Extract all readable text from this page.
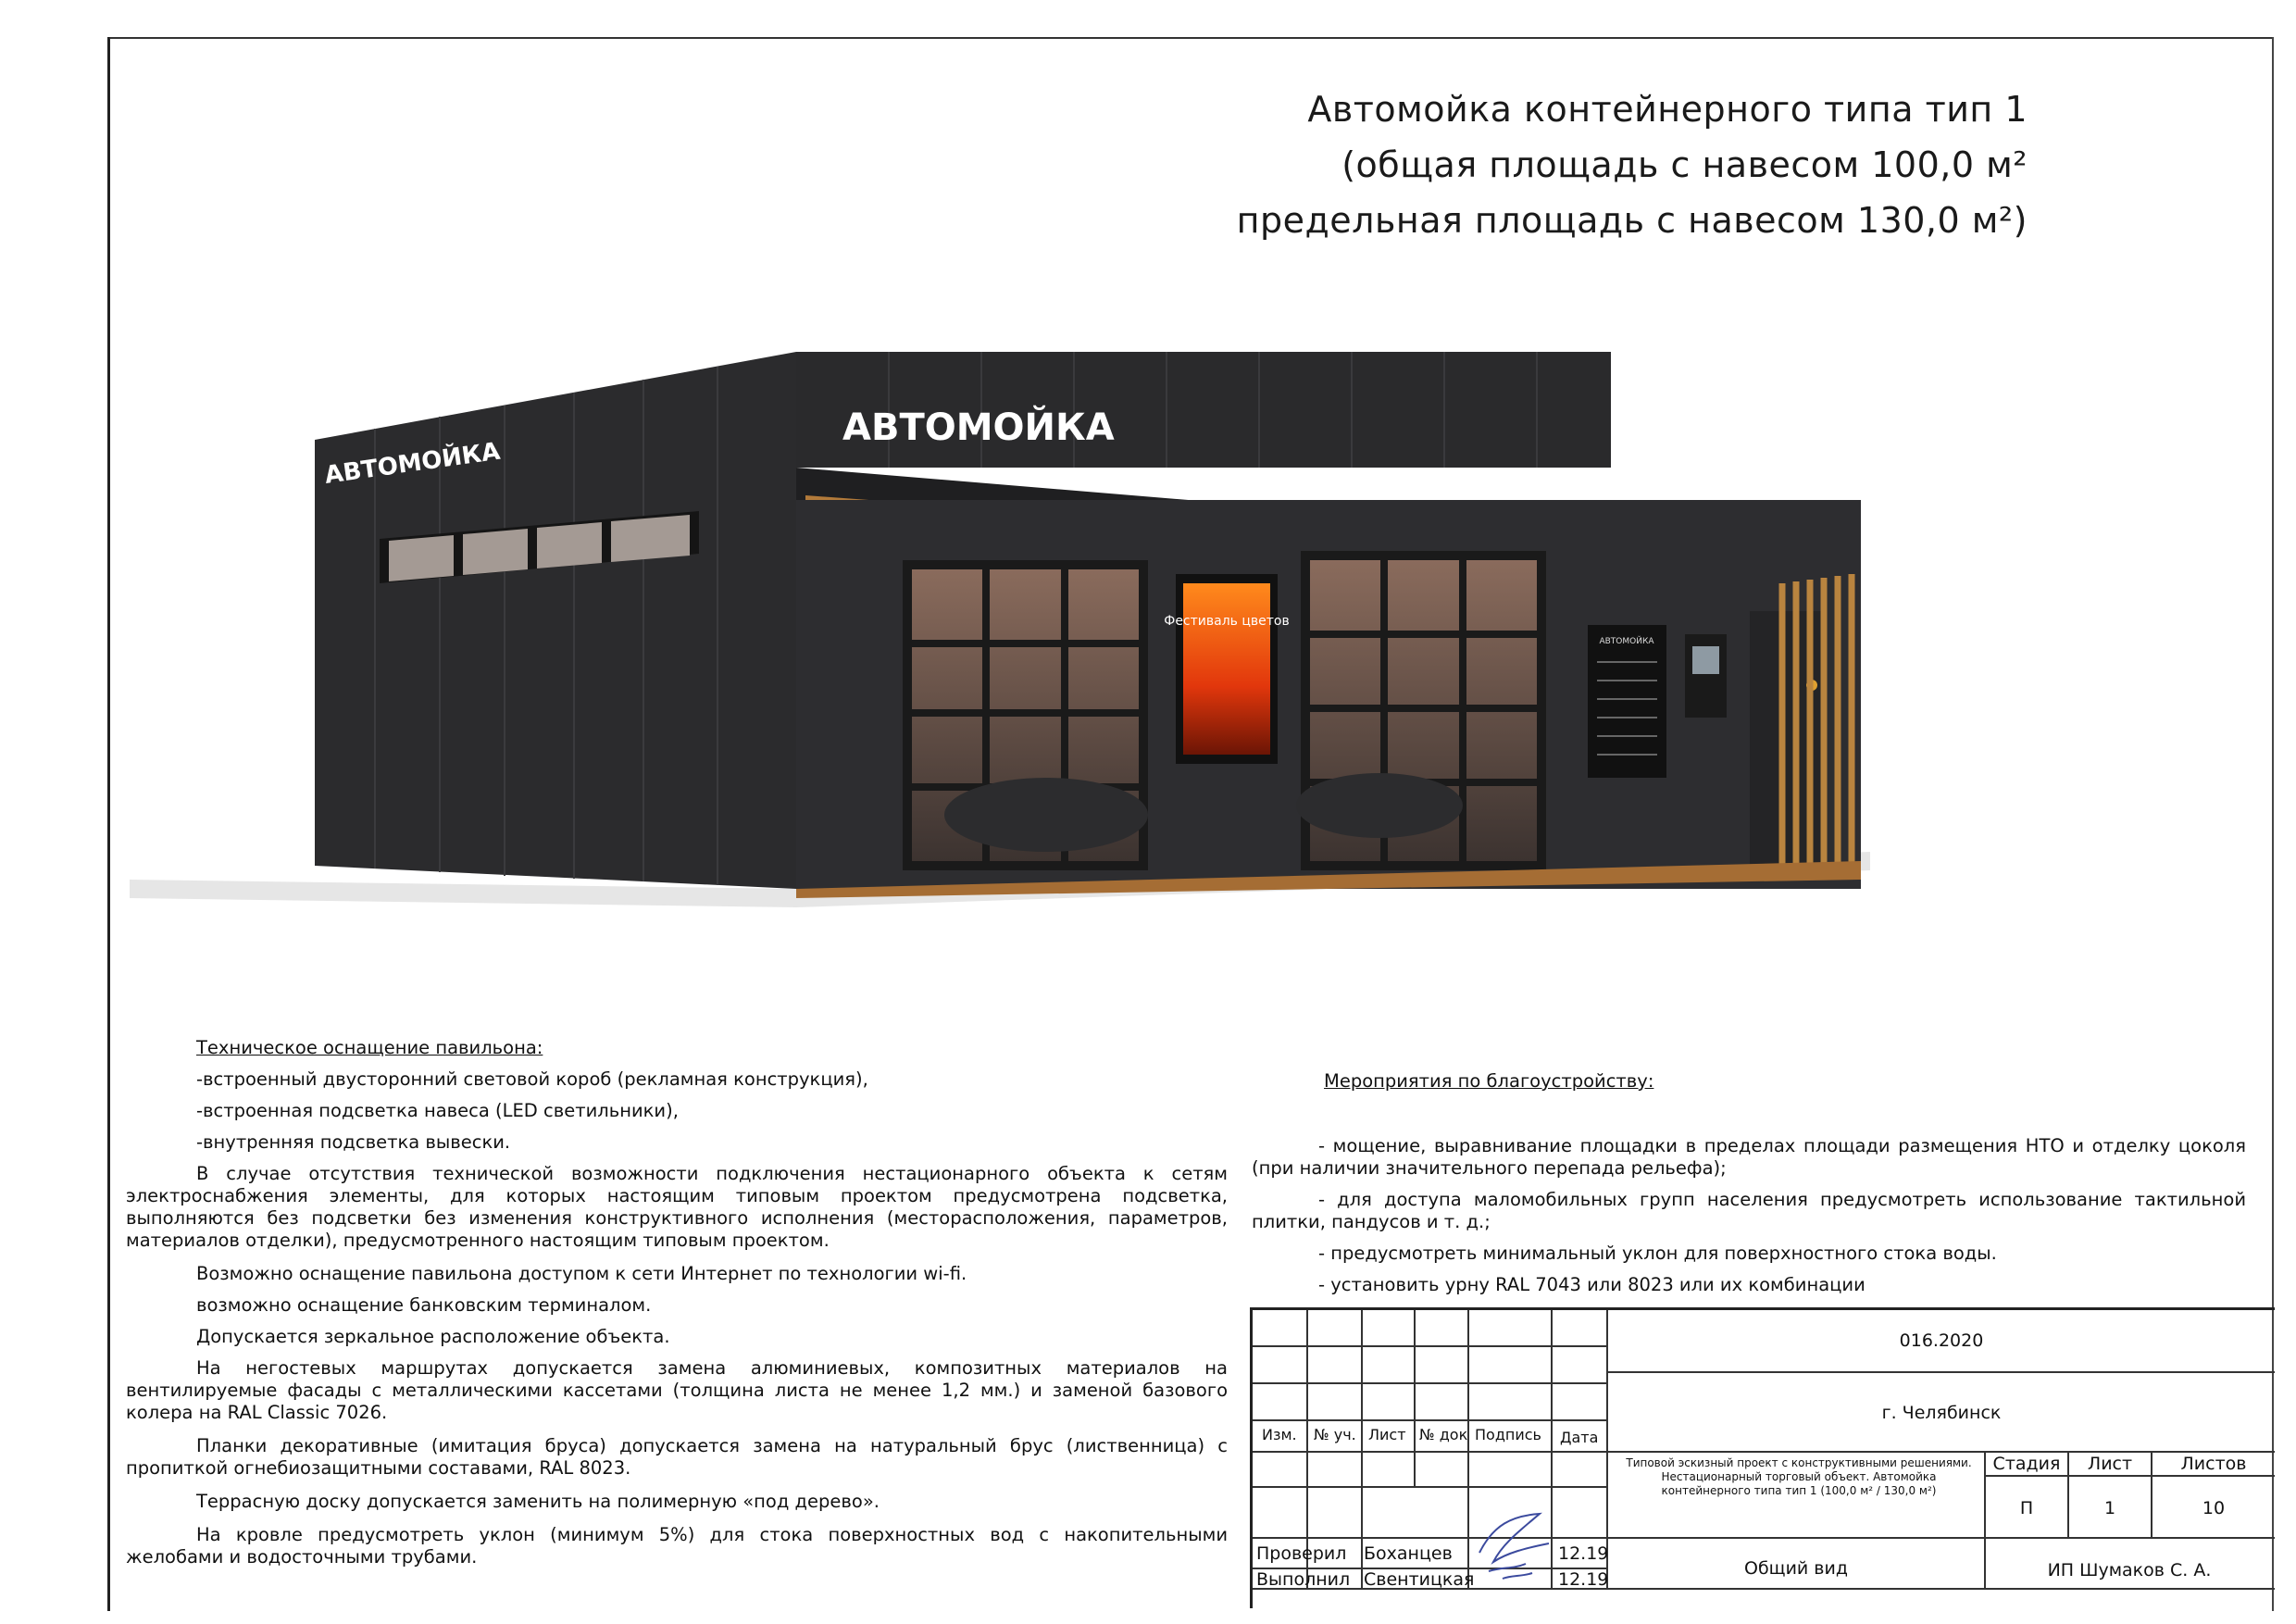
Автомойка контейнерного типа тип 1
(общая площадь с навесом 100,0 м²
предельная площадь с навесом 130,0 м²)
АВТОМОЙКА
АВТОМОЙКА
Фестиваль цветов
АВТОМОЙКА
Техническое оснащение павильона:
-встроенный двусторонний световой короб (рекламная конструкция),
-встроенная подсветка навеса (LED светильники),
-внутренняя подсветка вывески.
В случае отсутствия технической возможности подключения нестационарного объекта к сетям электроснабжения элементы, для которых настоящим типовым проектом предусмотрена подсветка, выполняются без подсветки без изменения конструктивного исполнения (месторасположения, параметров, материалов отделки), предусмотренного настоящим типовым проектом.
Возможно оснащение павильона доступом к сети Интернет по технологии wi-fi.
возможно оснащение банковским терминалом.
Допускается зеркальное расположение объекта.
На негостевых маршрутах допускается замена алюминиевых, композитных материалов на вентилируемые фасады с металлическими кассетами (толщина листа не менее 1,2 мм.) и заменой базового колера на RAL Classic 7026.
Планки декоративные (имитация бруса) допускается замена на натуральный брус (лиственница) с пропиткой огнебиозащитными составами, RAL 8023.
Террасную доску допускается заменить на полимерную «под дерево».
На кровле предусмотреть уклон (минимум 5%) для стока поверхностных вод с накопительными желобами и водосточными трубами.
Мероприятия по благоустройству:
- мощение, выравнивание площадки в пределах площади размещения НТО и отделку цоколя (при наличии значительного перепада рельефа);
- для доступа маломобильных групп населения предусмотреть использование тактильной плитки, пандусов и т. д.;
- предусмотреть минимальный уклон для поверхностного стока воды.
- установить урну RAL 7043 или 8023 или их комбинации
016.2020
г. Челябинск
Изм. № уч. Лист № док Подпись Дата
Типовой эскизный проект с конструктивными решениями. Нестационарный торговый объект. Автомойка контейнерного типа тип 1 (100,0 м² / 130,0 м²)
Стадия	Лист	Листов
П	1	10
Проверил Боханцев	12.19
Выполнил Свентицкая	12.19
Общий вид	ИП Шумаков С. А.
